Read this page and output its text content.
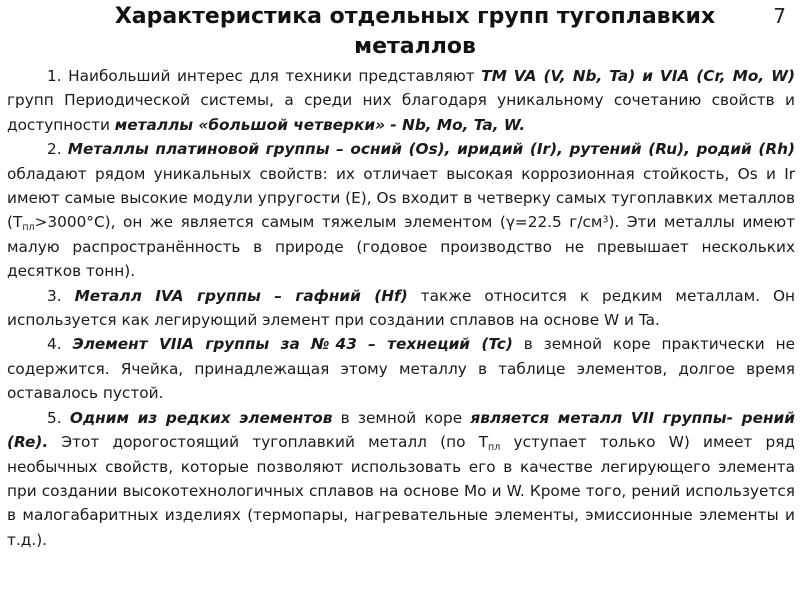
Характеристика отдельных групп тугоплавких металлов
7

1. Наибольший интерес для техники представляют ТМ VA (V, Nb, Ta) и VIA (Cr, Mo, W) групп Периодической системы, а среди них благодаря уникальному сочетанию свойств и доступности металлы «большой четверки» - Nb, Mo, Ta, W.

2. Металлы платиновой группы – осний (Os), иридий (Ir), рутений (Ru), родий (Rh) обладают рядом уникальных свойств: их отличает высокая коррозионная стойкость, Os и Ir имеют самые высокие модули упругости (E), Os входит в четверку самых тугоплавких металлов $(Т_{пл}>3000^\circ C)$, он же является самым тяжелым элементом (γ=22.5 $г/см^3$). Эти металлы имеют малую распространённость в природе (годовое производство не превышает нескольких десятков тонн).

3. Металл IVA группы – гафний (Hf) также относится к редким металлам. Он используется как легирующий элемент при создании сплавов на основе W и Ta.

4. Элемент VIIA группы за №43 – технеций (Tc) в земной коре практически не содержится. Ячейка, принадлежащая этому металлу в таблице элементов, долгое время оставалось пустой.

5. Одним из редких элементов в земной коре является металл VII группы- рений (Re). Этот дорогостоящий тугоплавкий металл (по $Т_{пл}$ уступает только W) имеет ряд необычных свойств, которые позволяют использовать его в качестве легирующего элемента при создании высокотехнологичных сплавов на основе Mo и W. Кроме того, рений используется в малогабаритных изделиях (термопары, нагревательные элементы, эмиссионные элементы и т.д.).
